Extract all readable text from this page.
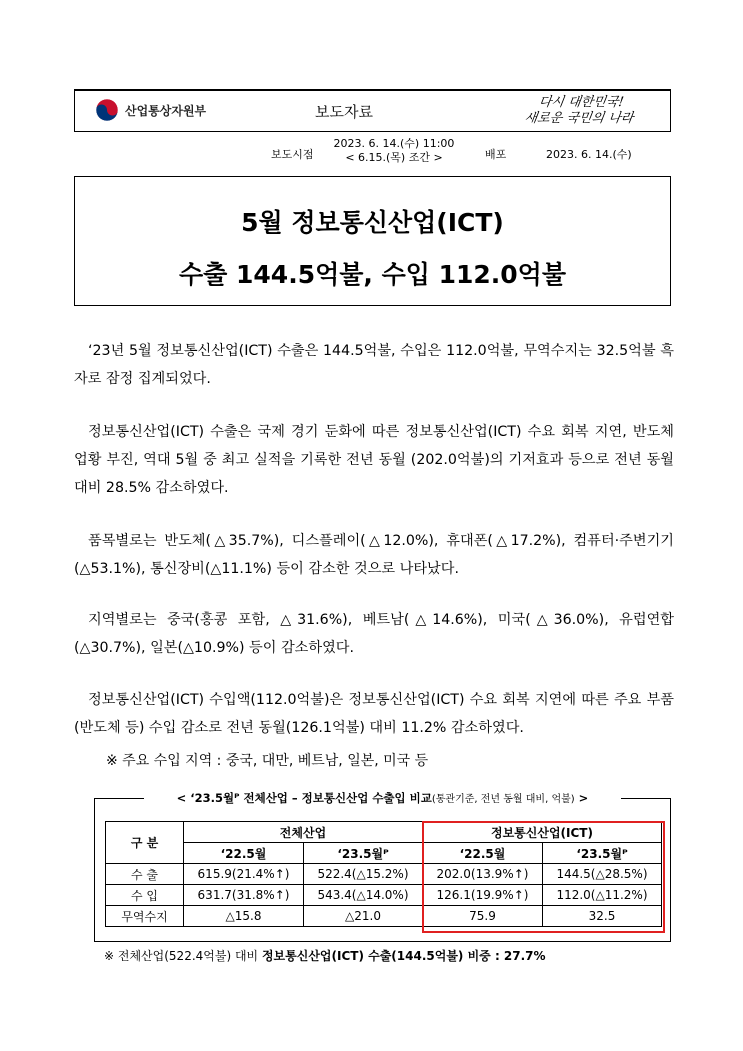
산업통상자원부	보도자료
다시 대한민국!
새로운 국민의 나라
보도시점
2023. 6. 14.(수) 11:00
< 6.15.(목) 조간 >	배포	2023. 6. 14.(수)
5월 정보통신산업(ICT)
수출 144.5억불, 수입 112.0억불

‘23년 5월 정보통신산업(ICT) 수출은 144.5억불, 수입은 112.0억불, 무역수지는 32.5억불 흑자로 잠정 집계되었다.

정보통신산업(ICT) 수출은 국제 경기 둔화에 따른 정보통신산업(ICT) 수요 회복 지연, 반도체 업황 부진, 역대 5월 중 최고 실적을 기록한 전년 동월 (202.0억불)의 기저효과 등으로 전년 동월 대비 28.5% 감소하였다.

품목별로는 반도체(△35.7%), 디스플레이(△12.0%), 휴대폰(△17.2%), 컴퓨터·주변기기(△53.1%), 통신장비(△11.1%) 등이 감소한 것으로 나타났다.

지역별로는 중국(홍콩 포함, △31.6%), 베트남(△14.6%), 미국(△36.0%), 유럽연합(△30.7%), 일본(△10.9%) 등이 감소하였다.

정보통신산업(ICT) 수입액(112.0억불)은 정보통신산업(ICT) 수요 회복 지연에 따른 주요 부품(반도체 등) 수입 감소로 전년 동월(126.1억불) 대비 11.2% 감소하였다.

※ 주요 수입 지역 : 중국, 대만, 베트남, 일본, 미국 등
< ‘23.5월ᴾ 전체산업 – 정보통신산업 수출입 비교(통관기준, 전년 동월 대비, 억불) >
구 분	전체산업		정보통신산업(ICT)	
	‘22.5월	‘23.5월ᴾ	‘22.5월	‘23.5월ᴾ
수 출	615.9(21.4%↑)	522.4(△15.2%)	202.0(13.9%↑)	144.5(△28.5%)
수 입	631.7(31.8%↑)	543.4(△14.0%)	126.1(19.9%↑)	112.0(△11.2%)
무역수지	△15.8	△21.0	75.9	32.5
※ 전체산업(522.4억불) 대비 정보통신산업(ICT) 수출(144.5억불) 비중 : 27.7%
